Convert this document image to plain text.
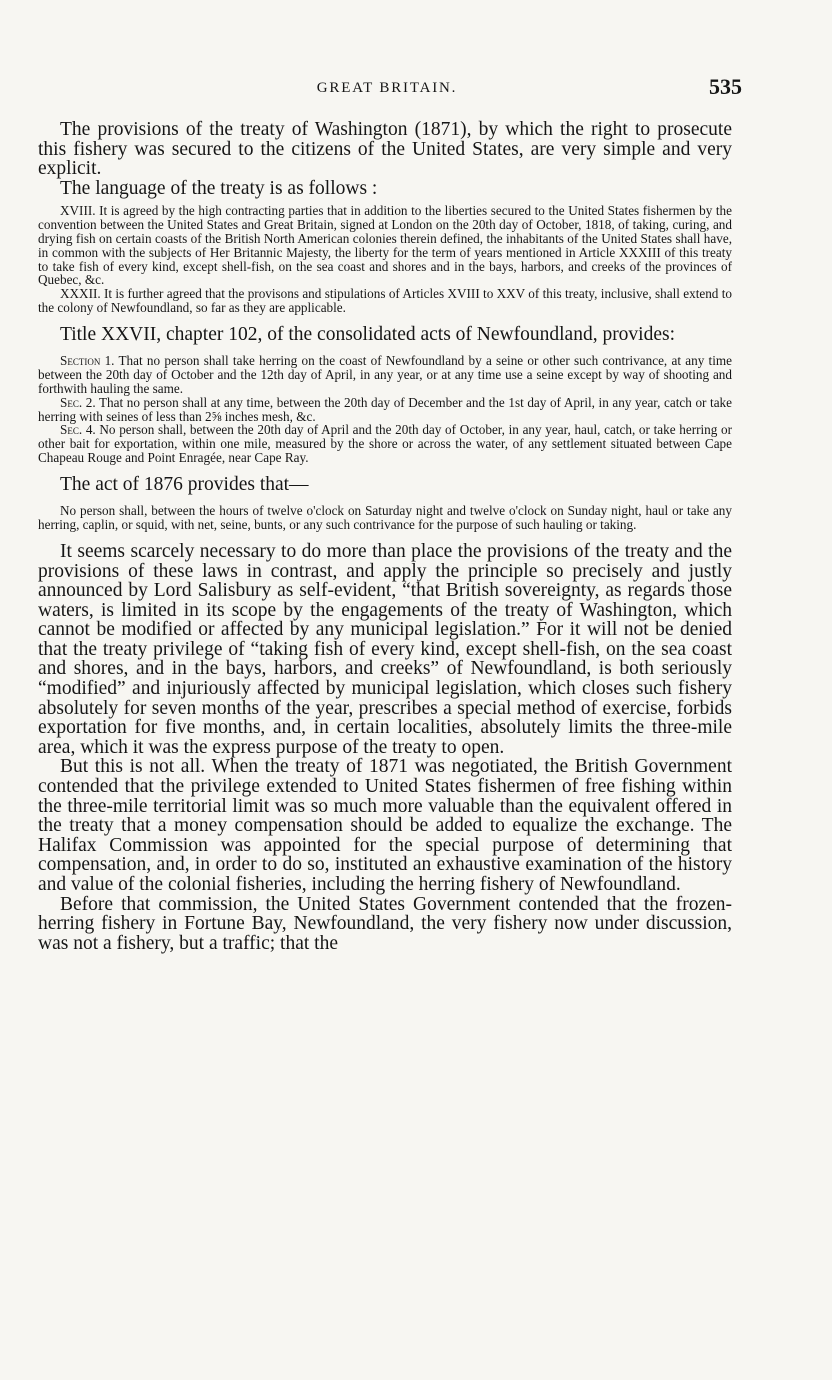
GREAT BRITAIN.	535

The provisions of the treaty of Washington (1871), by which the right to prosecute this fishery was secured to the citizens of the United States, are very simple and very explicit.

The language of the treaty is as follows :

XVIII. It is agreed by the high contracting parties that in addition to the liberties secured to the United States fishermen by the convention between the United States and Great Britain, signed at London on the 20th day of October, 1818, of taking, curing, and drying fish on certain coasts of the British North American colonies therein defined, the inhabitants of the United States shall have, in common with the subjects of Her Britannic Majesty, the liberty for the term of years mentioned in Article XXXIII of this treaty to take fish of every kind, except shell-fish, on the sea coast and shores and in the bays, harbors, and creeks of the provinces of Quebec, &c.

XXXII. It is further agreed that the provisons and stipulations of Articles XVIII to XXV of this treaty, inclusive, shall extend to the colony of Newfoundland, so far as they are applicable.

Title XXVII, chapter 102, of the consolidated acts of Newfoundland, provides:

Section 1. That no person shall take herring on the coast of Newfoundland by a seine or other such contrivance, at any time between the 20th day of October and the 12th day of April, in any year, or at any time use a seine except by way of shooting and forthwith hauling the same.

Sec. 2. That no person shall at any time, between the 20th day of December and the 1st day of April, in any year, catch or take herring with seines of less than 2⅝ inches mesh, &c.

Sec. 4. No person shall, between the 20th day of April and the 20th day of October, in any year, haul, catch, or take herring or other bait for exportation, within one mile, measured by the shore or across the water, of any settlement situated between Cape Chapeau Rouge and Point Enragée, near Cape Ray.

The act of 1876 provides that—

No person shall, between the hours of twelve o'clock on Saturday night and twelve o'clock on Sunday night, haul or take any herring, caplin, or squid, with net, seine, bunts, or any such contrivance for the purpose of such hauling or taking.

It seems scarcely necessary to do more than place the provisions of the treaty and the provisions of these laws in contrast, and apply the principle so precisely and justly announced by Lord Salisbury as self-evident, “that British sovereignty, as regards those waters, is limited in its scope by the engagements of the treaty of Washington, which cannot be modified or affected by any municipal legislation.” For it will not be denied that the treaty privilege of “taking fish of every kind, except shell-fish, on the sea coast and shores, and in the bays, harbors, and creeks” of Newfoundland, is both seriously “modified” and injuriously affected by municipal legislation, which closes such fishery absolutely for seven months of the year, prescribes a special method of exercise, forbids exportation for five months, and, in certain localities, absolutely limits the three-mile area, which it was the express purpose of the treaty to open.

But this is not all. When the treaty of 1871 was negotiated, the British Government contended that the privilege extended to United States fishermen of free fishing within the three-mile territorial limit was so much more valuable than the equivalent offered in the treaty that a money compensation should be added to equalize the exchange. The Halifax Commission was appointed for the special purpose of determining that compensation, and, in order to do so, instituted an exhaustive examination of the history and value of the colonial fisheries, including the herring fishery of Newfoundland.

Before that commission, the United States Government contended that the frozen-herring fishery in Fortune Bay, Newfoundland, the very fishery now under discussion, was not a fishery, but a traffic; that the
